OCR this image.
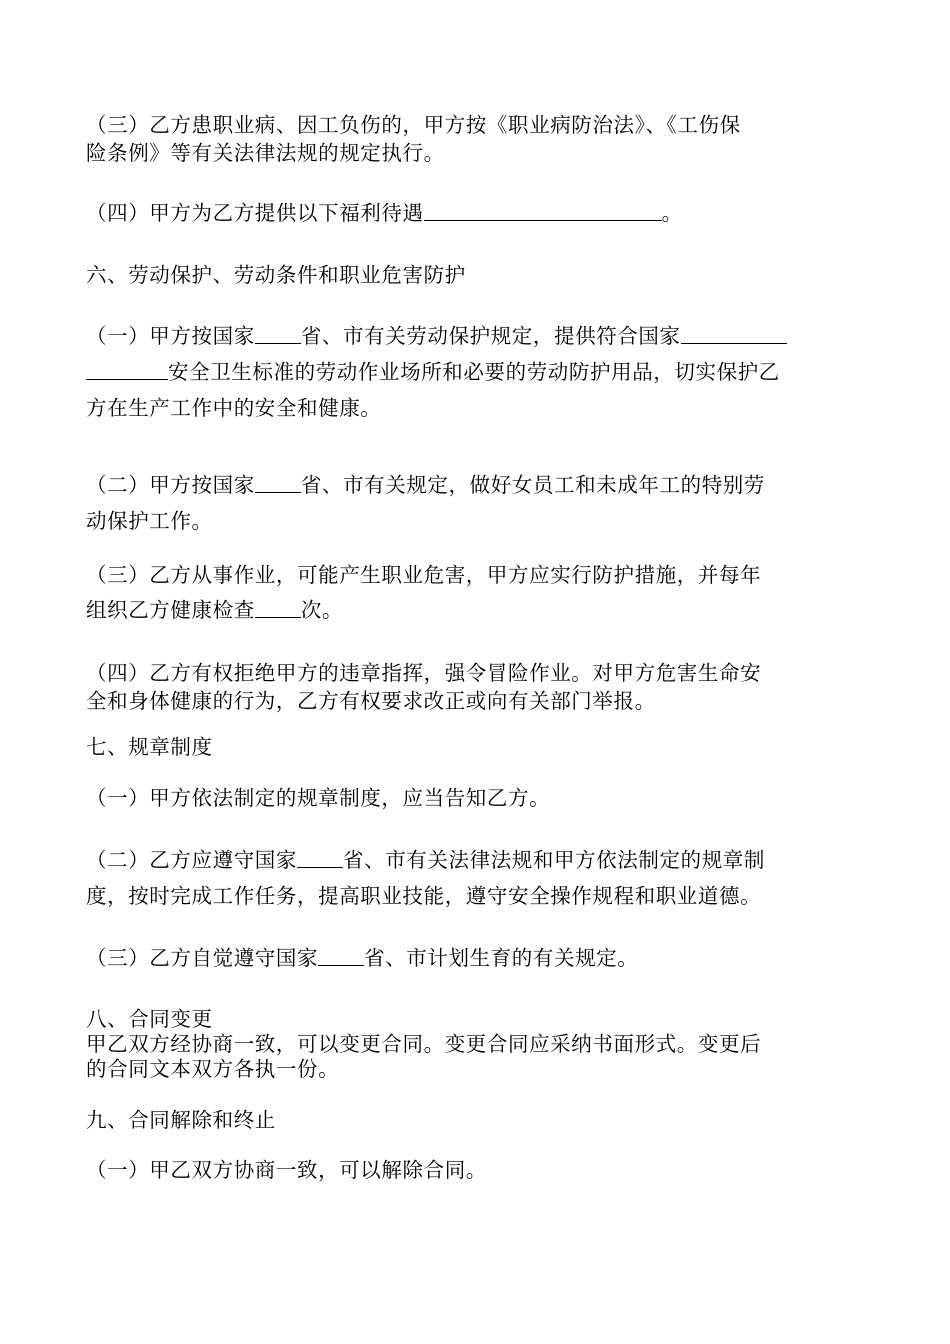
（三）乙方患职业病、因工负伤的，甲方按《职业病防治法》、《工伤保
险条例》等有关法律法规的规定执行。
（四）甲方为乙方提供以下福利待遇	。
六、劳动保护、劳动条件和职业危害防护
（一）甲方按国家 省、市有关劳动保护规定，提供符合国家
安全卫生标准的劳动作业场所和必要的劳动防护用品，切实保护乙
方在生产工作中的安全和健康。
（二）甲方按国家 省、市有关规定，做好女员工和未成年工的特别劳
动保护工作。
（三）乙方从事作业，可能产生职业危害，甲方应实行防护措施，并每年
组织乙方健康检查 次。
（四）乙方有权拒绝甲方的违章指挥，强令冒险作业。对甲方危害生命安
全和身体健康的行为，乙方有权要求改正或向有关部门举报。
七、规章制度
（一）甲方依法制定的规章制度，应当告知乙方。
（二）乙方应遵守国家 省、市有关法律法规和甲方依法制定的规章制
度，按时完成工作任务，提高职业技能，遵守安全操作规程和职业道德。
（三）乙方自觉遵守国家 省、市计划生育的有关规定。
八、合同变更
甲乙双方经协商一致，可以变更合同。变更合同应采纳书面形式。变更后
的合同文本双方各执一份。
九、合同解除和终止
（一）甲乙双方协商一致，可以解除合同。
